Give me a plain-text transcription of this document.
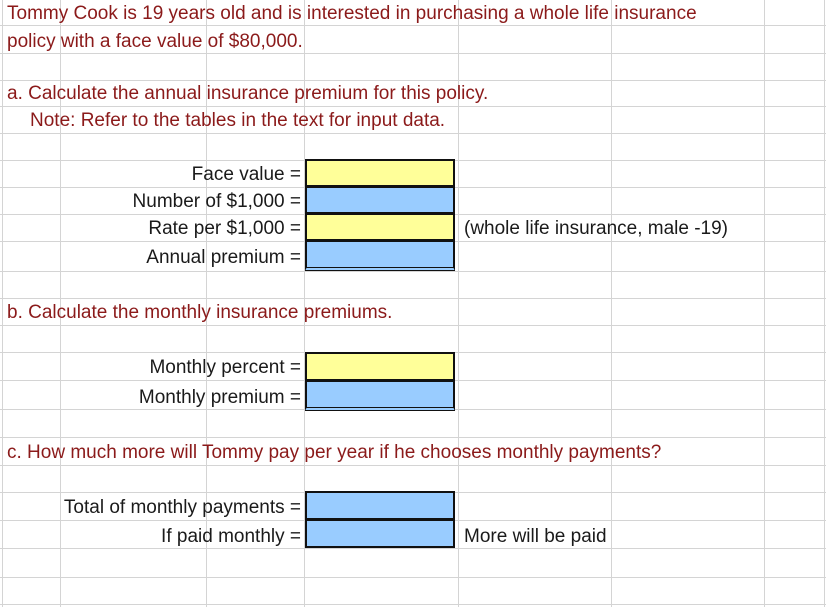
Tommy Cook is 19 years old and is interested in purchasing a whole life insurance
policy with a face value of $80,000.
a. Calculate the annual insurance premium for this policy.
Note: Refer to the tables in the text for input data.
Face value =
Number of $1,000 =
Rate per $1,000 =	(whole life insurance, male -19)
Annual premium =
b. Calculate the monthly insurance premiums.
Monthly percent =
Monthly premium =
c. How much more will Tommy pay per year if he chooses monthly payments?
Total of monthly payments =
If paid monthly =	More will be paid
